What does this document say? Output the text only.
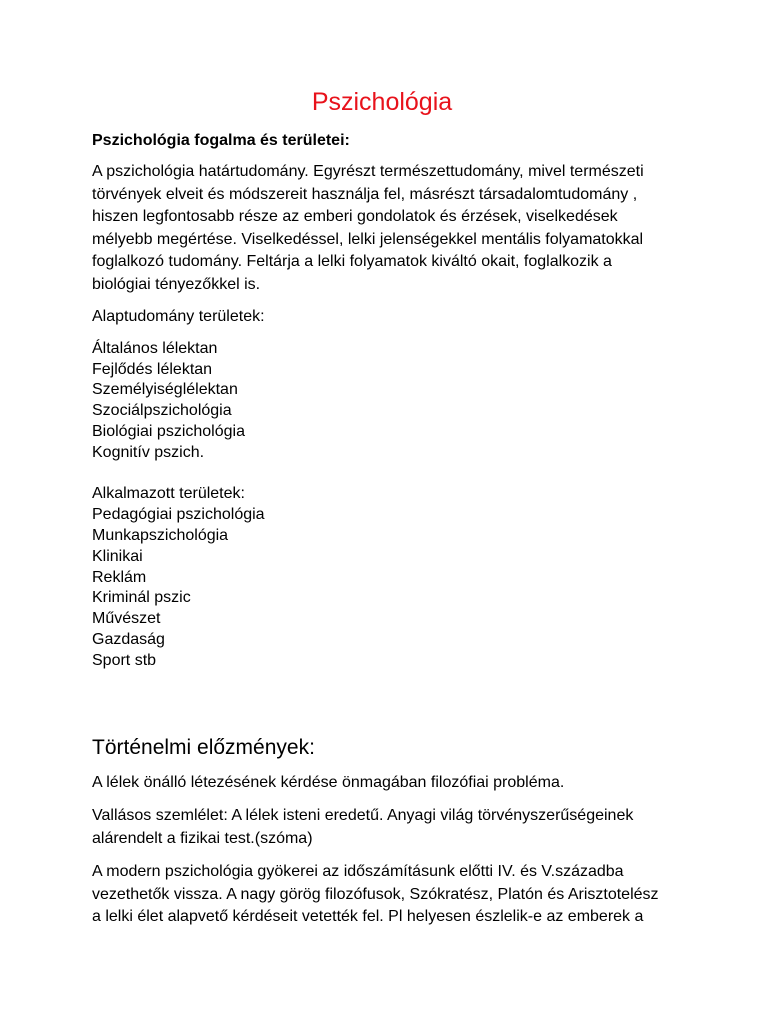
Pszichológia
Pszichológia fogalma és területei:

A pszichológia határtudomány. Egyrészt természettudomány, mivel természeti

törvények elveit és módszereit használja fel, másrészt társadalomtudomány ,

hiszen legfontosabb része az emberi gondolatok és érzések, viselkedések

mélyebb megértése. Viselkedéssel, lelki jelenségekkel mentális folyamatokkal

foglalkozó tudomány. Feltárja a lelki folyamatok kiváltó okait, foglalkozik a

biológiai tényezőkkel is.

Alaptudomány területek:

Általános lélektan
Fejlődés lélektan
Személyiséglélektan
Szociálpszichológia
Biológiai pszichológia
Kognitív pszich.
Alkalmazott területek:
Pedagógiai pszichológia
Munkapszichológia
Klinikai
Reklám
Kriminál pszic
Művészet
Gazdaság
Sport stb
Történelmi előzmények:

A lélek önálló létezésének kérdése önmagában filozófiai probléma.

Vallásos szemlélet: A lélek isteni eredetű. Anyagi világ törvényszerűségeinek

alárendelt a fizikai test.(szóma)

A modern pszichológia gyökerei az időszámításunk előtti IV. és V.századba

vezethetők vissza. A nagy görög filozófusok, Szókratész, Platón és Arisztotelész

a lelki élet alapvető kérdéseit vetették fel. Pl helyesen észlelik-e az emberek a
